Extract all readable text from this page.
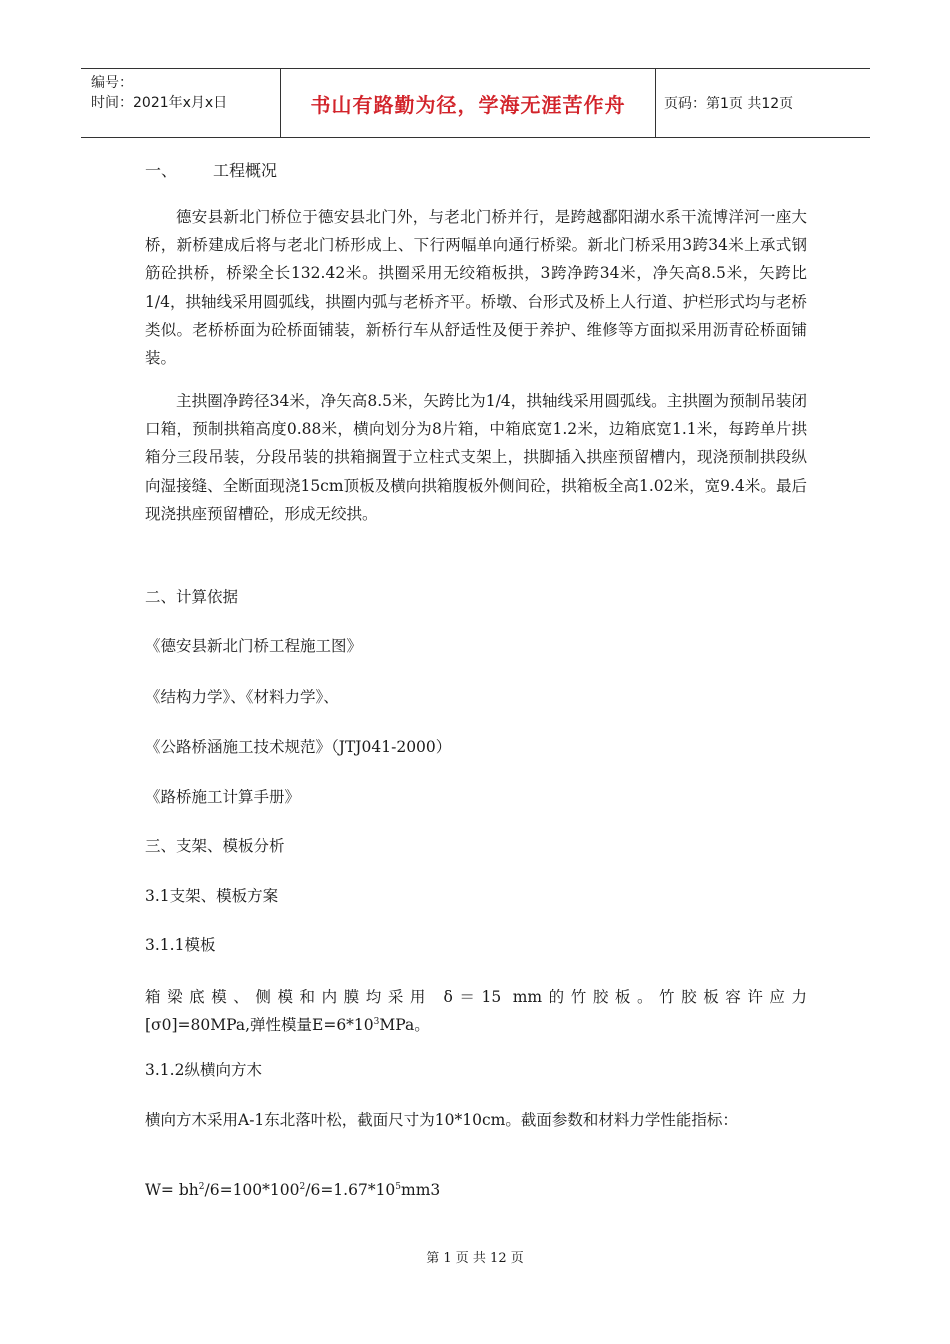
编号：
时间：2021年x月x日	书山有路勤为径，学海无涯苦作舟	页码：第1页 共12页
一、 工程概况

德安县新北门桥位于德安县北门外，与老北门桥并行，是跨越鄱阳湖水系干流博洋河一座大桥，新桥建成后将与老北门桥形成上、下行两幅单向通行桥梁。新北门桥采用3跨34米上承式钢筋砼拱桥，桥梁全长132.42米。拱圈采用无绞箱板拱，3跨净跨34米，净矢高8.5米，矢跨比1/4，拱轴线采用圆弧线，拱圈内弧与老桥齐平。桥墩、台形式及桥上人行道、护栏形式均与老桥类似。老桥桥面为砼桥面铺装，新桥行车从舒适性及便于养护、维修等方面拟采用沥青砼桥面铺装。

主拱圈净跨径34米，净矢高8.5米，矢跨比为1/4，拱轴线采用圆弧线。主拱圈为预制吊装闭口箱，预制拱箱高度0.88米，横向划分为8片箱，中箱底宽1.2米，边箱底宽1.1米，每跨单片拱箱分三段吊装，分段吊装的拱箱搁置于立柱式支架上，拱脚插入拱座预留槽内，现浇预制拱段纵向湿接缝、全断面现浇15cm顶板及横向拱箱腹板外侧间砼，拱箱板全高1.02米，宽9.4米。最后现浇拱座预留槽砼，形成无绞拱。

二、计算依据
《德安县新北门桥工程施工图》
《结构力学》、《材料力学》、
《公路桥涵施工技术规范》（JTJ041-2000）
《路桥施工计算手册》
三、支架、模板分析
3.1支架、模板方案
3.1.1模板
箱梁底模、侧模和内膜均采用 δ＝15 mm的竹胶板。竹胶板容许应力
[σ0]=80MPa,弹性模量$E=6*10^3MPa$。
3.1.2纵横向方木

横向方木采用A-1东北落叶松，截面尺寸为10*10cm。截面参数和材料力学性能指标：

$W= bh^2/6=100*100^2/6=1.67*10^5mm3$
第 1 页 共 12 页
